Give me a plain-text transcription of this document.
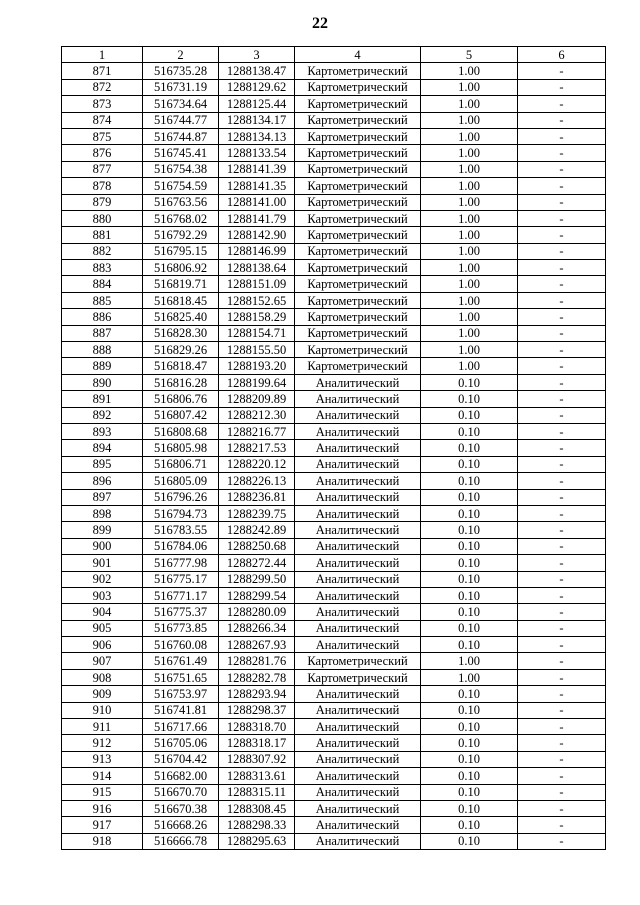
22
1	2	3	4	5	6
871	516735.28	1288138.47	Картометрический	1.00	-
872	516731.19	1288129.62	Картометрический	1.00	-
873	516734.64	1288125.44	Картометрический	1.00	-
874	516744.77	1288134.17	Картометрический	1.00	-
875	516744.87	1288134.13	Картометрический	1.00	-
876	516745.41	1288133.54	Картометрический	1.00	-
877	516754.38	1288141.39	Картометрический	1.00	-
878	516754.59	1288141.35	Картометрический	1.00	-
879	516763.56	1288141.00	Картометрический	1.00	-
880	516768.02	1288141.79	Картометрический	1.00	-
881	516792.29	1288142.90	Картометрический	1.00	-
882	516795.15	1288146.99	Картометрический	1.00	-
883	516806.92	1288138.64	Картометрический	1.00	-
884	516819.71	1288151.09	Картометрический	1.00	-
885	516818.45	1288152.65	Картометрический	1.00	-
886	516825.40	1288158.29	Картометрический	1.00	-
887	516828.30	1288154.71	Картометрический	1.00	-
888	516829.26	1288155.50	Картометрический	1.00	-
889	516818.47	1288193.20	Картометрический	1.00	-
890	516816.28	1288199.64	Аналитический	0.10	-
891	516806.76	1288209.89	Аналитический	0.10	-
892	516807.42	1288212.30	Аналитический	0.10	-
893	516808.68	1288216.77	Аналитический	0.10	-
894	516805.98	1288217.53	Аналитический	0.10	-
895	516806.71	1288220.12	Аналитический	0.10	-
896	516805.09	1288226.13	Аналитический	0.10	-
897	516796.26	1288236.81	Аналитический	0.10	-
898	516794.73	1288239.75	Аналитический	0.10	-
899	516783.55	1288242.89	Аналитический	0.10	-
900	516784.06	1288250.68	Аналитический	0.10	-
901	516777.98	1288272.44	Аналитический	0.10	-
902	516775.17	1288299.50	Аналитический	0.10	-
903	516771.17	1288299.54	Аналитический	0.10	-
904	516775.37	1288280.09	Аналитический	0.10	-
905	516773.85	1288266.34	Аналитический	0.10	-
906	516760.08	1288267.93	Аналитический	0.10	-
907	516761.49	1288281.76	Картометрический	1.00	-
908	516751.65	1288282.78	Картометрический	1.00	-
909	516753.97	1288293.94	Аналитический	0.10	-
910	516741.81	1288298.37	Аналитический	0.10	-
911	516717.66	1288318.70	Аналитический	0.10	-
912	516705.06	1288318.17	Аналитический	0.10	-
913	516704.42	1288307.92	Аналитический	0.10	-
914	516682.00	1288313.61	Аналитический	0.10	-
915	516670.70	1288315.11	Аналитический	0.10	-
916	516670.38	1288308.45	Аналитический	0.10	-
917	516668.26	1288298.33	Аналитический	0.10	-
918	516666.78	1288295.63	Аналитический	0.10	-
